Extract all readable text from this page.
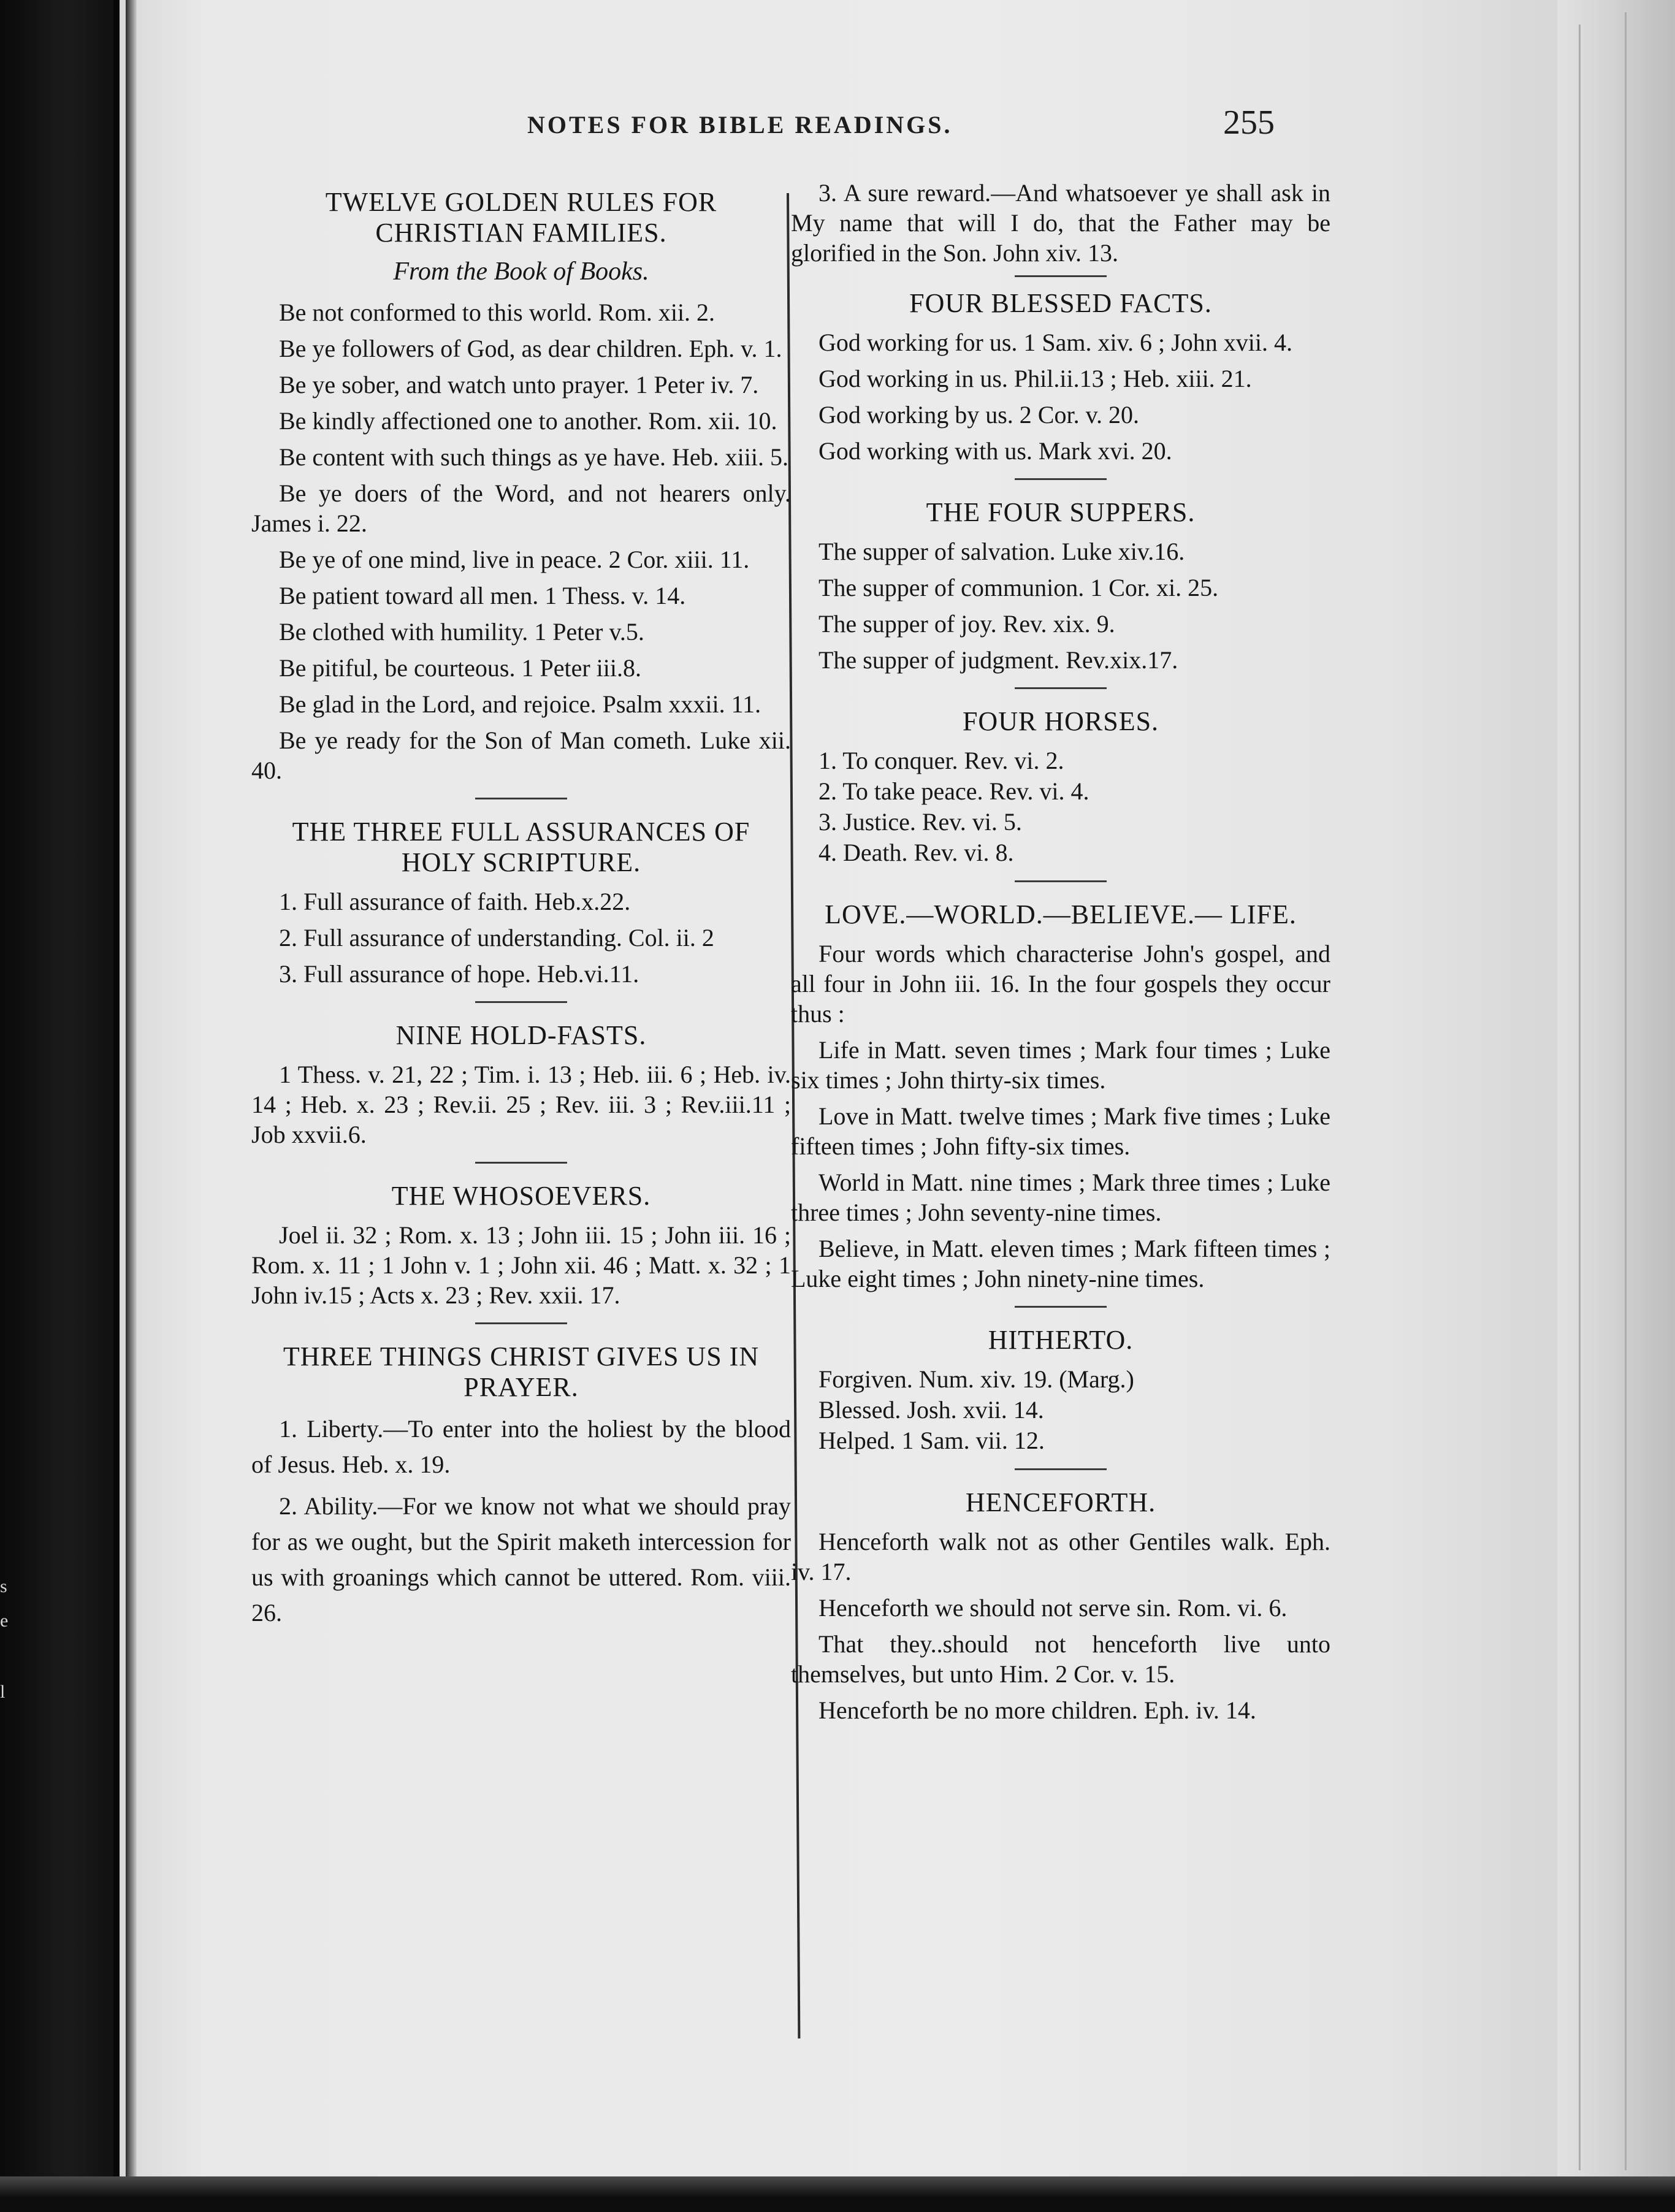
s
e
l
NOTES FOR BIBLE READINGS.	255
TWELVE GOLDEN RULES FOR CHRISTIAN FAMILIES.
From the Book of Books.

Be not conformed to this world. Rom. xii. 2.

Be ye followers of God, as dear children. Eph. v. 1.

Be ye sober, and watch unto prayer. 1 Peter iv. 7.

Be kindly affectioned one to another. Rom. xii. 10.

Be content with such things as ye have. Heb. xiii. 5.

Be ye doers of the Word, and not hearers only. James i. 22.

Be ye of one mind, live in peace. 2 Cor. xiii. 11.

Be patient toward all men. 1 Thess. v. 14.

Be clothed with humility. 1 Peter v.5.

Be pitiful, be courteous. 1 Peter iii.8.

Be glad in the Lord, and rejoice. Psalm xxxii. 11.

Be ye ready for the Son of Man cometh. Luke xii. 40.

THE THREE FULL ASSURANCES OF HOLY SCRIPTURE.

1. Full assurance of faith. Heb.x.22.

2. Full assurance of understanding. Col. ii. 2

3. Full assurance of hope. Heb.vi.11.

NINE HOLD-FASTS.

1 Thess. v. 21, 22 ; Tim. i. 13 ; Heb. iii. 6 ; Heb. iv. 14 ; Heb. x. 23 ; Rev.ii. 25 ; Rev. iii. 3 ; Rev.iii.11 ; Job xxvii.6.

THE WHOSOEVERS.

Joel ii. 32 ; Rom. x. 13 ; John iii. 15 ; John iii. 16 ; Rom. x. 11 ; 1 John v. 1 ; John xii. 46 ; Matt. x. 32 ; 1 John iv.15 ; Acts x. 23 ; Rev. xxii. 17.

THREE THINGS CHRIST GIVES US IN PRAYER.

1. Liberty.—To enter into the holiest by the blood of Jesus. Heb. x. 19.

2. Ability.—For we know not what we should pray for as we ought, but the Spirit maketh intercession for us with groanings which cannot be uttered. Rom. viii. 26.

3. A sure reward.—And whatsoever ye shall ask in My name that will I do, that the Father may be glorified in the Son. John xiv. 13.

FOUR BLESSED FACTS.

God working for us. 1 Sam. xiv. 6 ; John xvii. 4.

God working in us. Phil.ii.13 ; Heb. xiii. 21.

God working by us. 2 Cor. v. 20.

God working with us. Mark xvi. 20.

THE FOUR SUPPERS.

The supper of salvation. Luke xiv.16.

The supper of communion. 1 Cor. xi. 25.

The supper of joy. Rev. xix. 9.

The supper of judgment. Rev.xix.17.

FOUR HORSES.
1. To conquer. Rev. vi. 2.
2. To take peace. Rev. vi. 4.
3. Justice. Rev. vi. 5.
4. Death. Rev. vi. 8.
LOVE.—WORLD.—BELIEVE.— LIFE.

Four words which characterise John's gospel, and all four in John iii. 16. In the four gospels they occur thus :

Life in Matt. seven times ; Mark four times ; Luke six times ; John thirty-six times.

Love in Matt. twelve times ; Mark five times ; Luke fifteen times ; John fifty-six times.

World in Matt. nine times ; Mark three times ; Luke three times ; John seventy-nine times.

Believe, in Matt. eleven times ; Mark fifteen times ; Luke eight times ; John ninety-nine times.

HITHERTO.
Forgiven. Num. xiv. 19. (Marg.)
Blessed. Josh. xvii. 14.
Helped. 1 Sam. vii. 12.
HENCEFORTH.

Henceforth walk not as other Gentiles walk. Eph. iv. 17.

Henceforth we should not serve sin. Rom. vi. 6.

That they..should not henceforth live unto themselves, but unto Him. 2 Cor. v. 15.

Henceforth be no more children. Eph. iv. 14.
